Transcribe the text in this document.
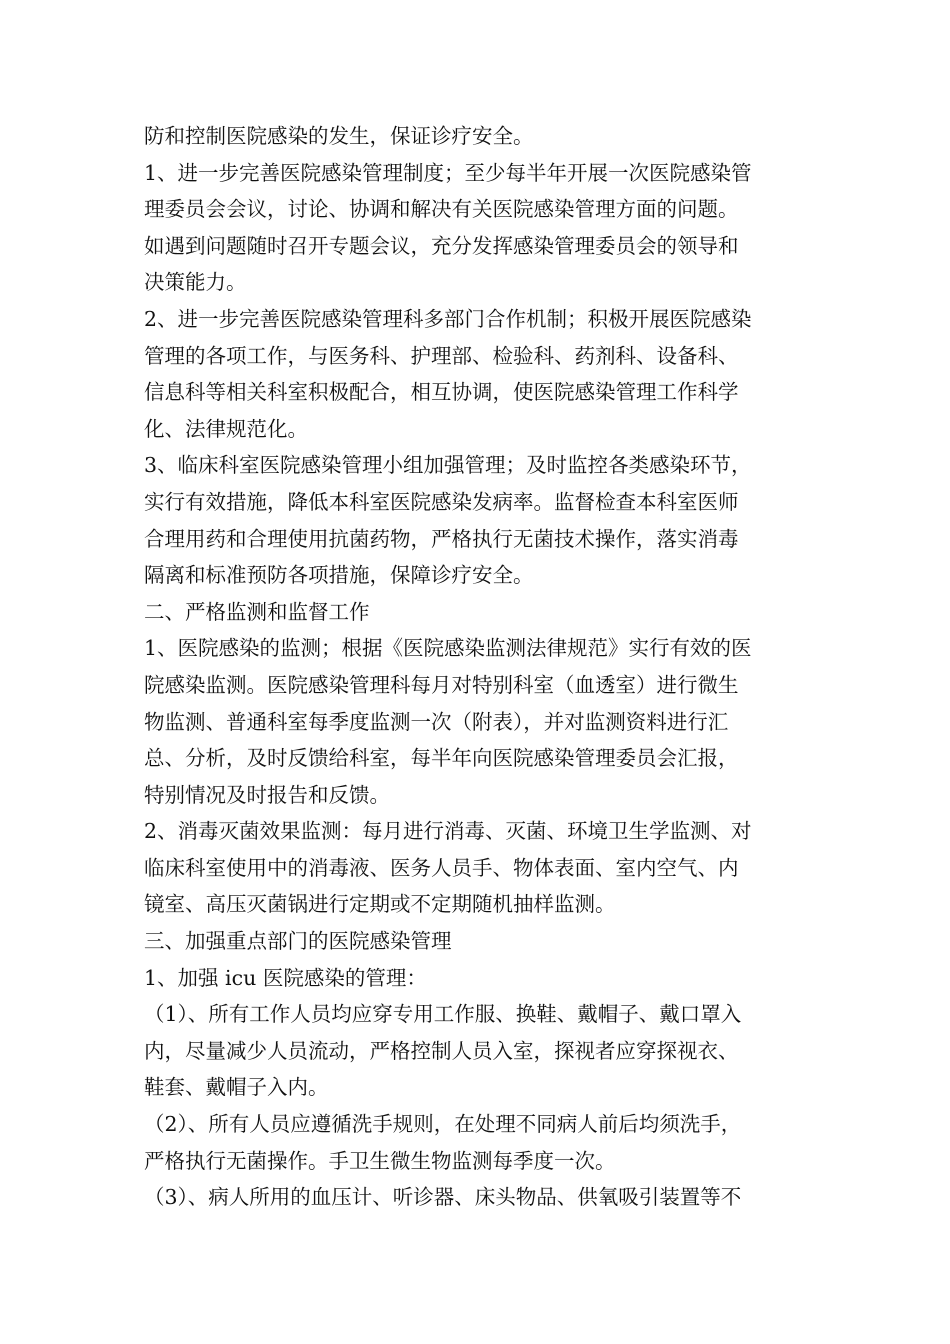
防和控制医院感染的发生，保证诊疗安全。
1、进一步完善医院感染管理制度；至少每半年开展一次医院感染管
理委员会会议，讨论、协调和解决有关医院感染管理方面的问题。
如遇到问题随时召开专题会议，充分发挥感染管理委员会的领导和
决策能力。
2、进一步完善医院感染管理科多部门合作机制；积极开展医院感染
管理的各项工作，与医务科、护理部、检验科、药剂科、设备科、
信息科等相关科室积极配合，相互协调，使医院感染管理工作科学
化、法律规范化。
3、临床科室医院感染管理小组加强管理；及时监控各类感染环节，
实行有效措施，降低本科室医院感染发病率。监督检查本科室医师
合理用药和合理使用抗菌药物，严格执行无菌技术操作，落实消毒
隔离和标准预防各项措施，保障诊疗安全。
二、严格监测和监督工作
1、医院感染的监测；根据《医院感染监测法律规范》实行有效的医
院感染监测。医院感染管理科每月对特别科室（血透室）进行微生
物监测、普通科室每季度监测一次（附表），并对监测资料进行汇
总、分析，及时反馈给科室，每半年向医院感染管理委员会汇报，
特别情况及时报告和反馈。
2、消毒灭菌效果监测：每月进行消毒、灭菌、环境卫生学监测、对
临床科室使用中的消毒液、医务人员手、物体表面、室内空气、内
镜室、高压灭菌锅进行定期或不定期随机抽样监测。
三、加强重点部门的医院感染管理
1、加强 icu 医院感染的管理：
（1）、所有工作人员均应穿专用工作服、换鞋、戴帽子、戴口罩入
内，尽量减少人员流动，严格控制人员入室，探视者应穿探视衣、
鞋套、戴帽子入内。
（2）、所有人员应遵循洗手规则，在处理不同病人前后均须洗手，
严格执行无菌操作。手卫生微生物监测每季度一次。
（3）、病人所用的血压计、听诊器、床头物品、供氧吸引装置等不
